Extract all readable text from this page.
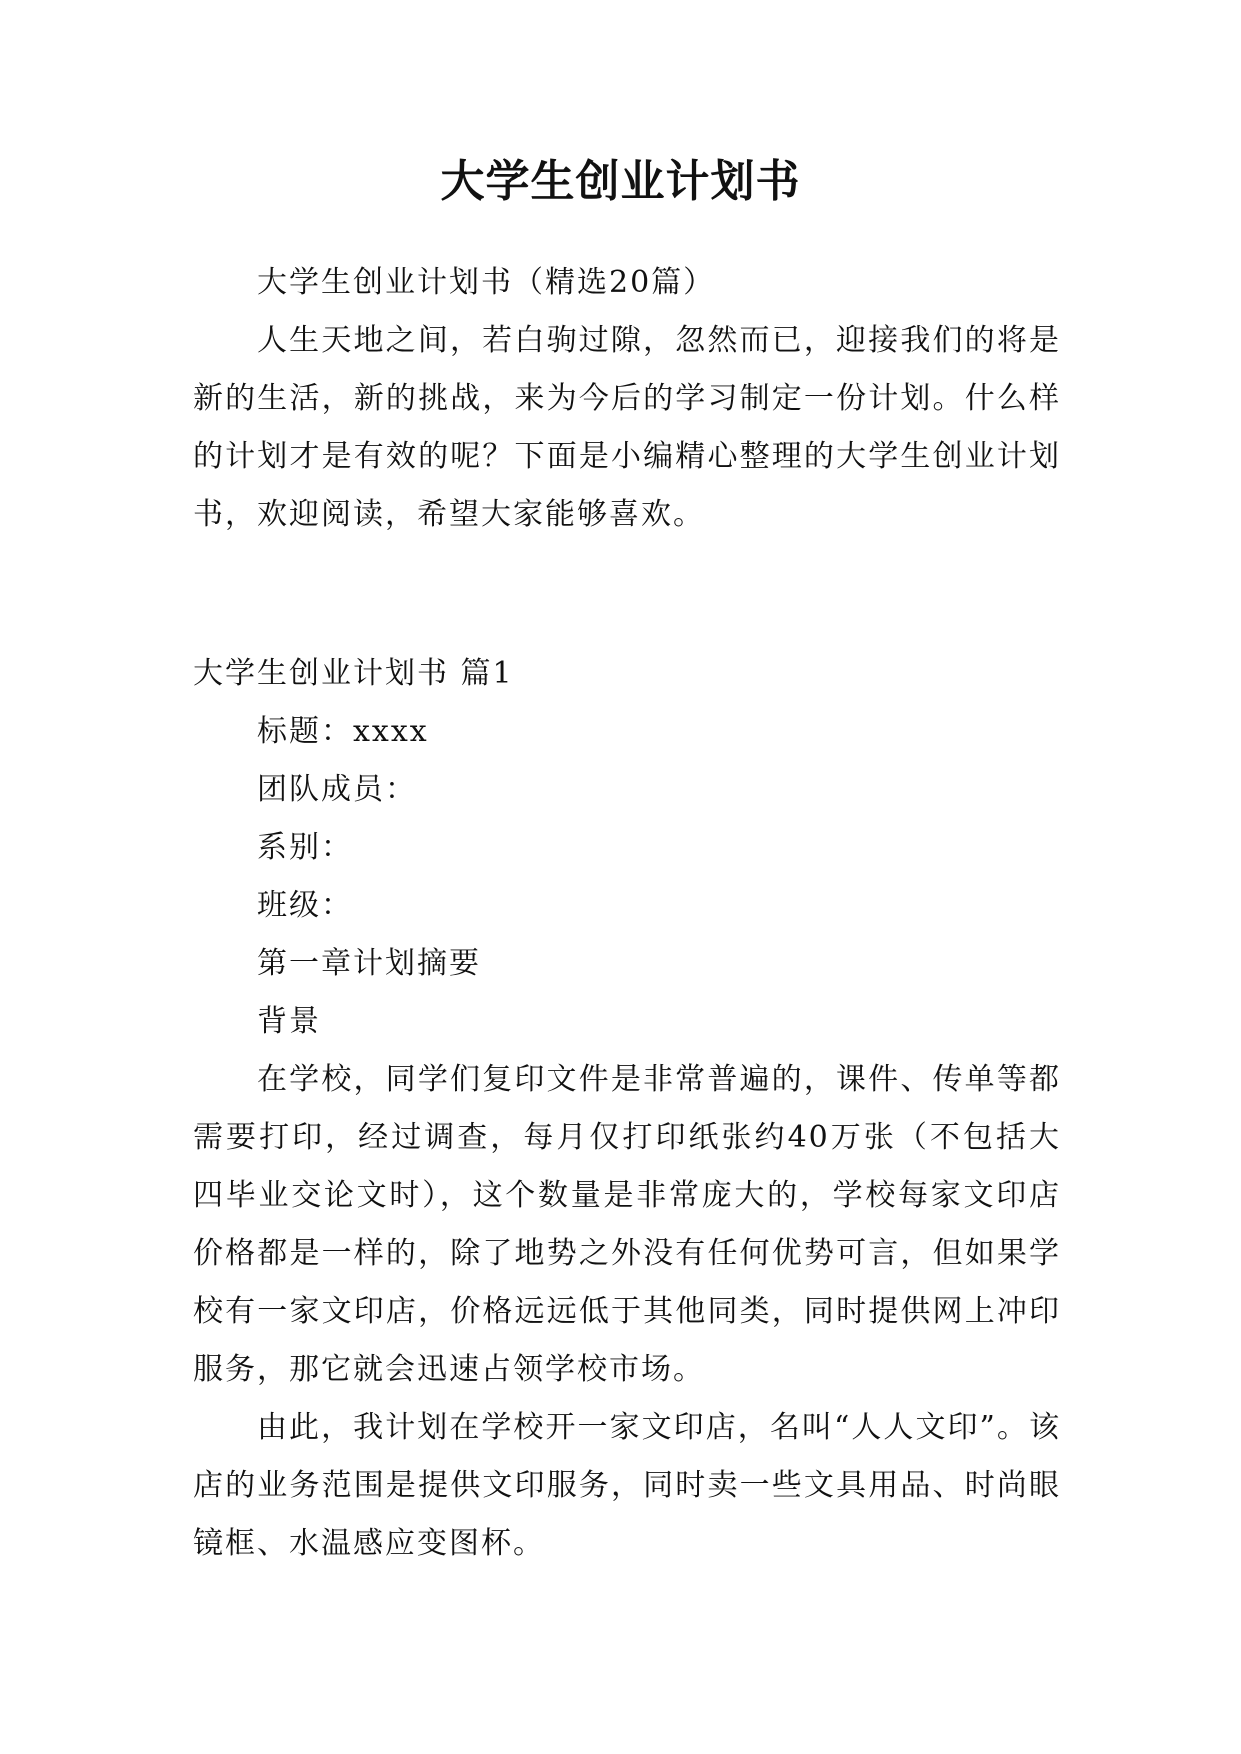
大学生创业计划书

大学生创业计划书（精选20篇）

人生天地之间，若白驹过隙，忽然而已，迎接我们的将是新的生活，新的挑战，来为今后的学习制定一份计划。什么样的计划才是有效的呢？下面是小编精心整理的大学生创业计划书，欢迎阅读，希望大家能够喜欢。

大学生创业计划书 篇1

标题：xxxx

团队成员：

系别：

班级：

第一章计划摘要

背景

在学校，同学们复印文件是非常普遍的，课件、传单等都需要打印，经过调查，每月仅打印纸张约40万张（不包括大四毕业交论文时），这个数量是非常庞大的，学校每家文印店价格都是一样的，除了地势之外没有任何优势可言，但如果学校有一家文印店，价格远远低于其他同类，同时提供网上冲印服务，那它就会迅速占领学校市场。

由此，我计划在学校开一家文印店，名叫“人人文印”。该店的业务范围是提供文印服务，同时卖一些文具用品、时尚眼镜框、水温感应变图杯。
